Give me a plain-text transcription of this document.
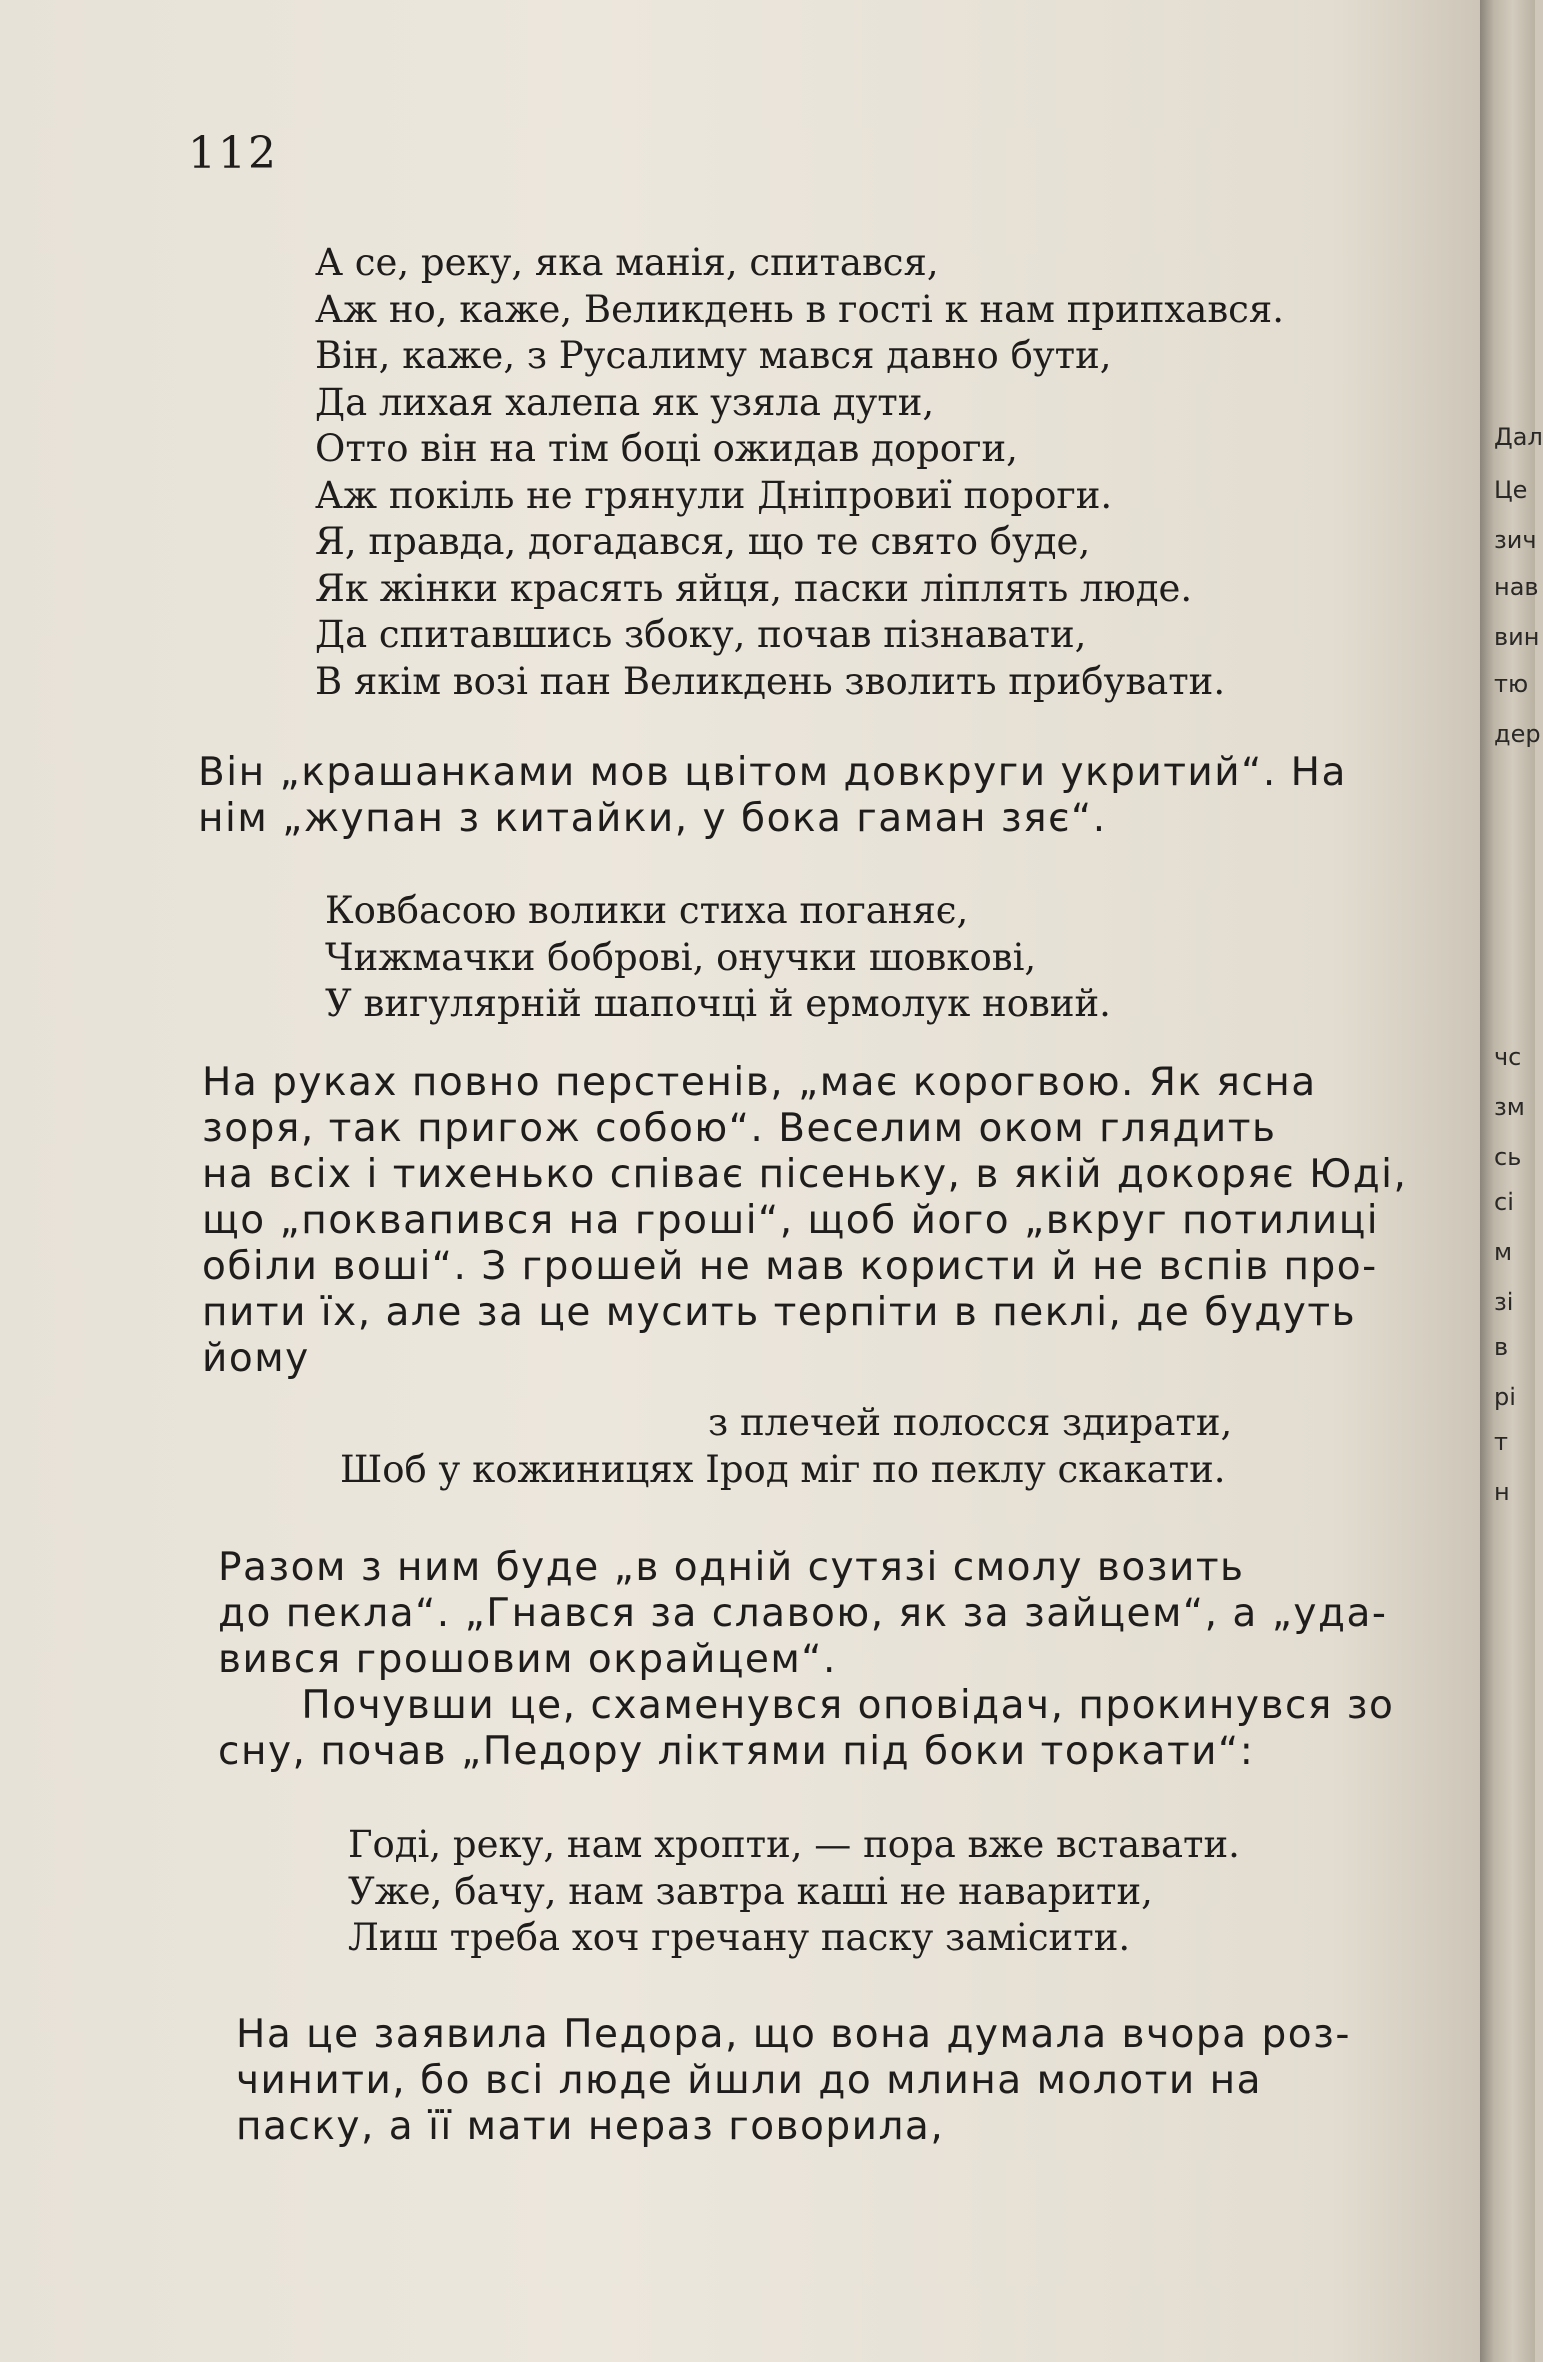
112
А се, реку, яка манія, спитався,
Аж но, каже, Великдень в гості к нам припхався.
Він, каже, з Русалиму мався давно бути,
Да лихая халепа як узяла дути,
Отто він на тім боці ожидав дороги,
Аж покіль не грянули Дніпровиї пороги.
Я, правда, догадався, що те свято буде,
Як жінки красять яйця, паски ліплять люде.
Да спитавшись збоку, почав пізнавати,
В якім возі пан Великдень зволить прибувати.
Він „крашанками мов цвітом довкруги укритий“. На
нім „жупан з китайки, у бока гаман зяє“.
Ковбасою волики стиха поганяє,
Чижмачки боброві, онучки шовкові,
У вигулярній шапочці й ермолук новий.
На руках повно перстенів, „має корогвою. Як ясна
зоря, так пригож собою“. Веселим оком глядить
на всіх і тихенько співає пісеньку, в якій докоряє Юді,
що „поквапився на гроші“, щоб його „вкруг потилиці
обіли воші“. З грошей не мав користи й не вспів про-
пити їх, але за це мусить терпіти в пеклі, де будуть
йому
з плечей полосся здирати,
Шоб у кожиницях Ірод міг по пеклу скакати.
Разом з ним буде „в одній сутязі смолу возить
до пекла“. „Гнався за славою, як за зайцем“, а „уда-
вився грошовим окрайцем“.
Почувши це, схаменувся оповідач, прокинувся зо
сну, почав „Педору ліктями під боки торкати“:
Годі, реку, нам хропти, — пора вже вставати.
Уже, бачу, нам завтра каші не наварити,
Лиш треба хоч гречану паску замісити.
На це заявила Педора, що вона думала вчора роз-
чинити, бо всі люде йшли до млина молоти на
паску, а її мати нераз говорила,
Дал
Це
зич
нав
вин
тю
дер
чс
зм
сь
сі
м
зі
в
рі
т
н
